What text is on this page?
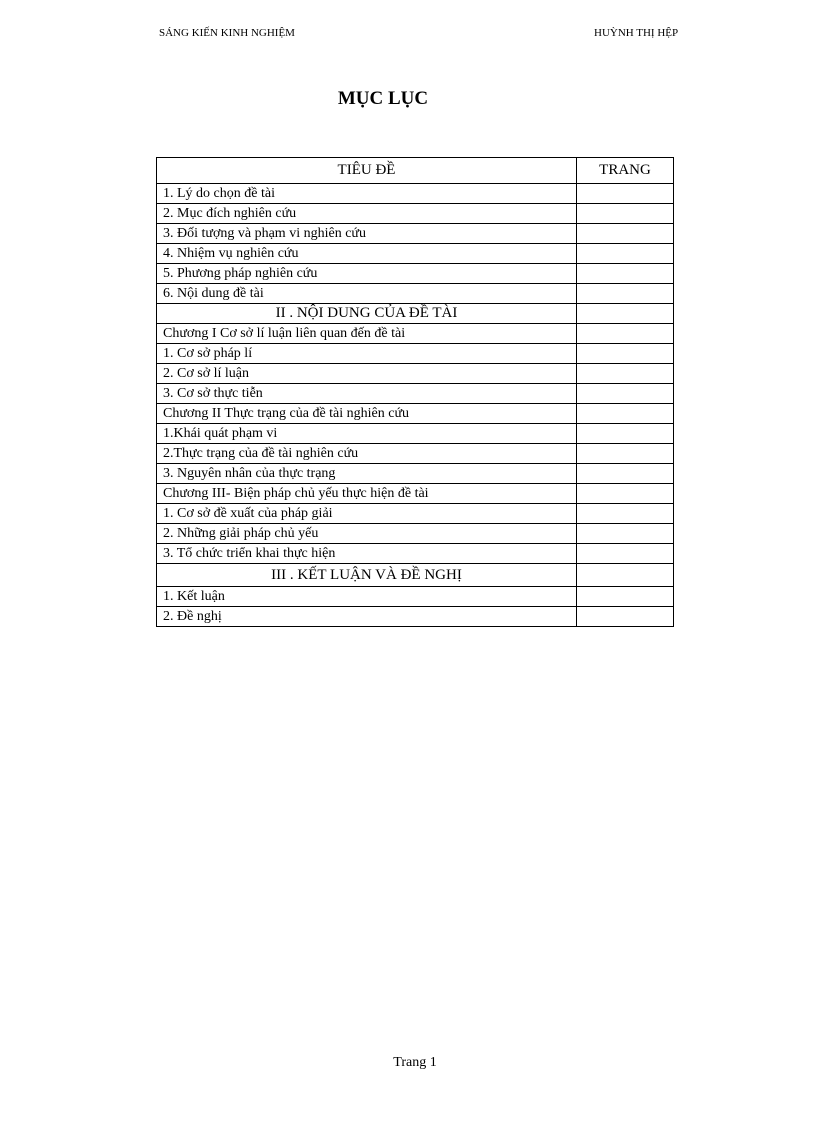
SÁNG KIẾN KINH NGHIỆM	HUỲNH THỊ HỆP
MỤC LỤC
TIÊU ĐỀ	TRANG
1. Lý do chọn đề tài	
2. Mục đích nghiên cứu	
3. Đối tượng và phạm vi nghiên cứu	
4. Nhiệm vụ nghiên cứu	
5. Phương pháp nghiên cứu	
6. Nội dung đề tài	
II . NỘI DUNG CỦA ĐỀ TÀI	
Chương I Cơ sở lí luận liên quan đến đề tài	
1. Cơ sở pháp lí	
2. Cơ sở lí luận	
3. Cơ sở thực tiễn	
Chương II Thực trạng của đề tài nghiên cứu	
1.Khái quát phạm vi	
2.Thực trạng của đề tài nghiên cứu	
3. Nguyên nhân của thực trạng	
Chương III- Biện pháp chủ yếu thực hiện đề tài	
1. Cơ sở đề xuất của pháp giải	
2. Những giải pháp chủ yếu	
3. Tổ chức triển khai thực hiện	
III . KẾT LUẬN VÀ ĐỀ NGHỊ	
1. Kết luận	
2. Đề nghị	
Trang 1
